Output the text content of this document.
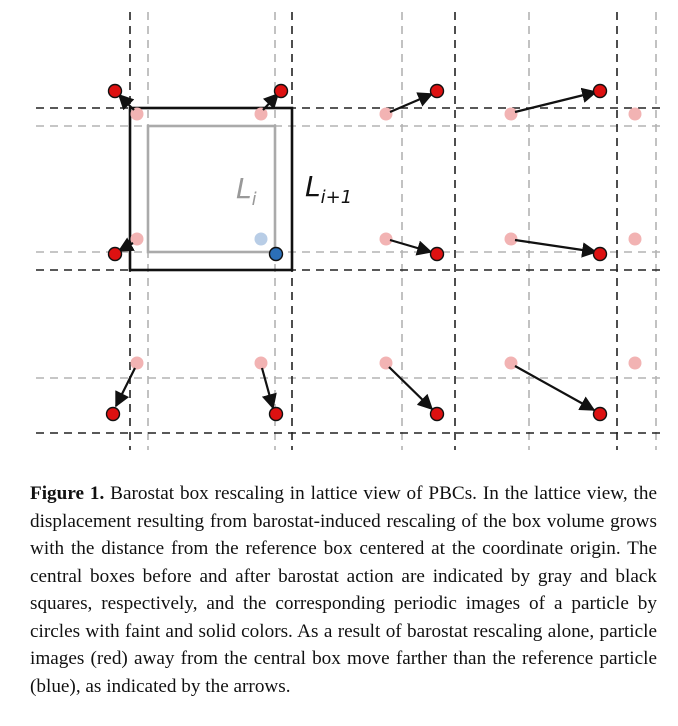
$L_i$ $L_{i+1}$
Figure 1. Barostat box rescaling in lattice view of PBCs. In the lattice view, the displacement resulting from barostat-induced rescaling of the box volume grows with the distance from the reference box centered at the coordinate origin. The central boxes before and after barostat action are indicated by gray and black squares, respectively, and the corresponding periodic images of a particle by circles with faint and solid colors. As a result of barostat rescaling alone, particle images (red) away from the central box move farther than the reference particle (blue), as indicated by the arrows.
